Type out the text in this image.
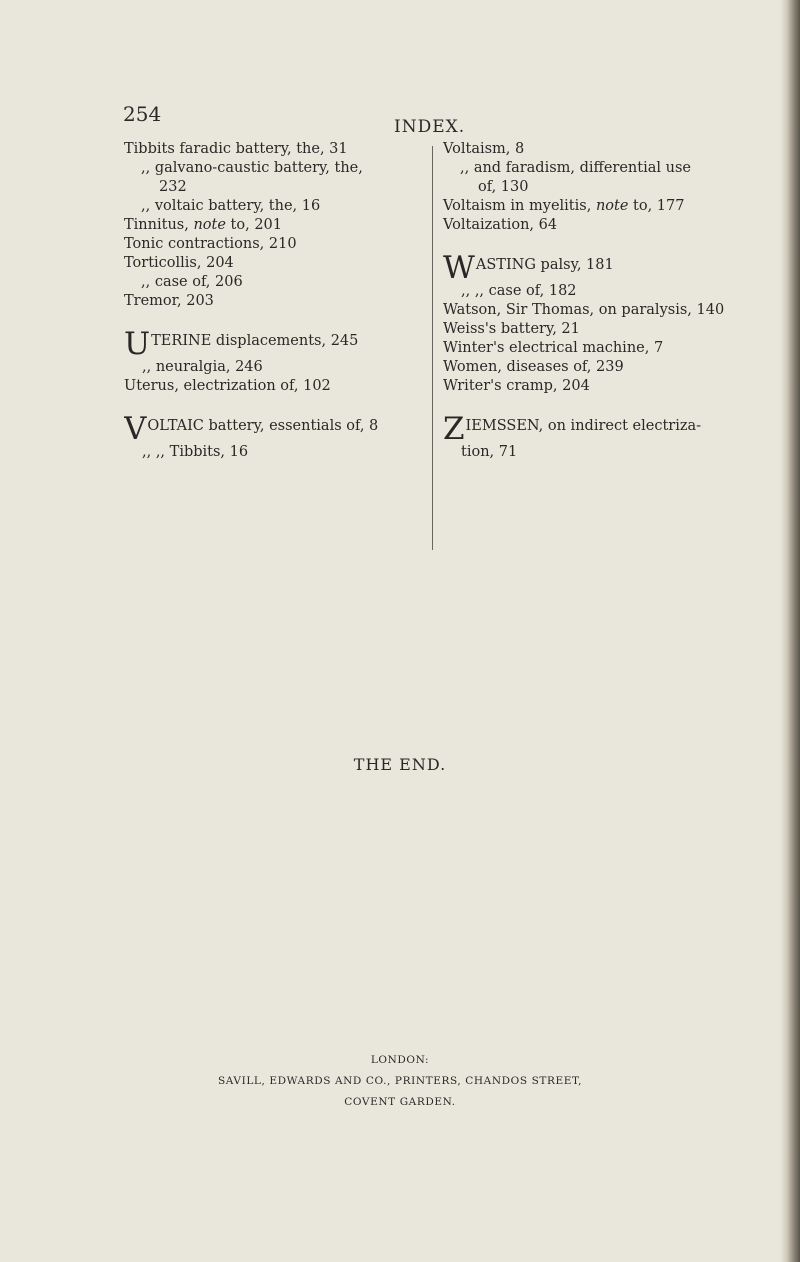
254
INDEX.
Tibbits faradic battery, the, 31
,, galvano-caustic battery, the,
232
,, voltaic battery, the, 16
Tinnitus, note to, 201
Tonic contractions, 210
Torticollis, 204
,, case of, 206
Tremor, 203
U TERINE displacements, 245
,, neuralgia, 246
Uterus, electrization of, 102
V OLTAIC battery, essentials of, 8
,, ,, Tibbits, 16
Voltaism, 8
,, and faradism, differential use
of, 130
Voltaism in myelitis, note to, 177
Voltaization, 64
W ASTING palsy, 181
,, ,, case of, 182
Watson, Sir Thomas, on paralysis, 140
Weiss's battery, 21
Winter's electrical machine, 7
Women, diseases of, 239
Writer's cramp, 204
Z IEMSSEN, on indirect electriza-
tion, 71
THE END.
LONDON:
SAVILL, EDWARDS AND CO., PRINTERS, CHANDOS STREET,
COVENT GARDEN.
